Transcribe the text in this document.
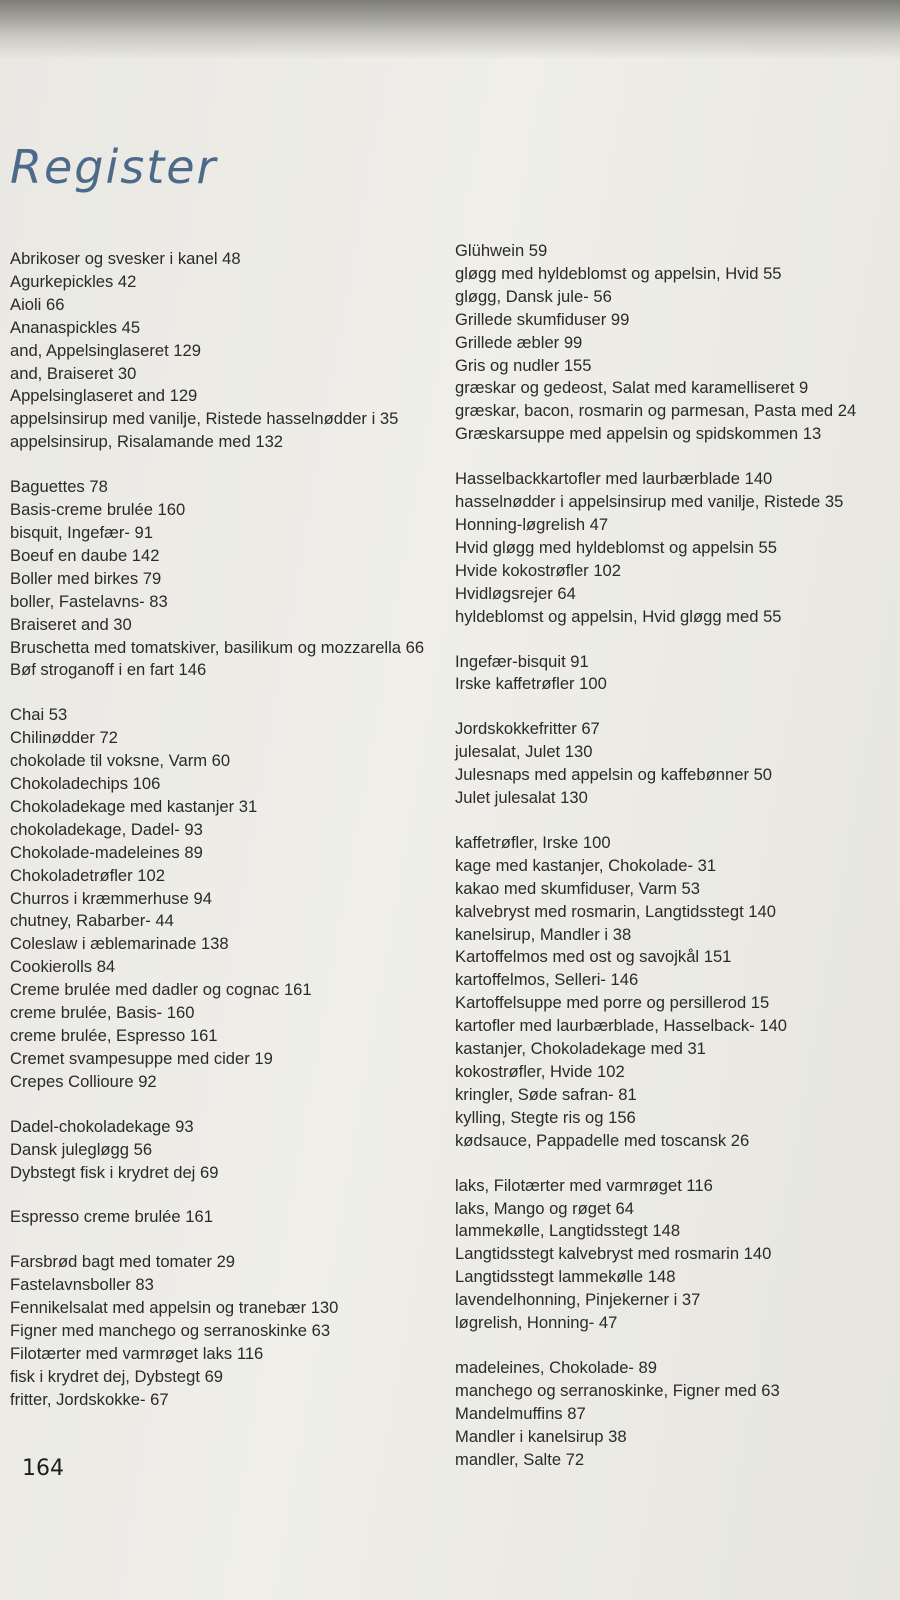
Register
Abrikoser og svesker i kanel 48
Agurkepickles 42
Aioli 66
Ananaspickles 45
and, Appelsinglaseret 129
and, Braiseret 30
Appelsinglaseret and 129
appelsinsirup med vanilje, Ristede hasselnødder i 35
appelsinsirup, Risalamande med 132
Baguettes 78
Basis-creme brulée 160
bisquit, Ingefær- 91
Boeuf en daube 142
Boller med birkes 79
boller, Fastelavns- 83
Braiseret and 30
Bruschetta med tomatskiver, basilikum og mozzarella 66
Bøf stroganoff i en fart 146
Chai 53
Chilinødder 72
chokolade til voksne, Varm 60
Chokoladechips 106
Chokoladekage med kastanjer 31
chokoladekage, Dadel- 93
Chokolade-madeleines 89
Chokoladetrøfler 102
Churros i kræmmerhuse 94
chutney, Rabarber- 44
Coleslaw i æblemarinade 138
Cookierolls 84
Creme brulée med dadler og cognac 161
creme brulée, Basis- 160
creme brulée, Espresso 161
Cremet svampesuppe med cider 19
Crepes Collioure 92
Dadel-chokoladekage 93
Dansk julegløgg 56
Dybstegt fisk i krydret dej 69
Espresso creme brulée 161
Farsbrød bagt med tomater 29
Fastelavnsboller 83
Fennikelsalat med appelsin og tranebær 130
Figner med manchego og serranoskinke 63
Filotærter med varmrøget laks 116
fisk i krydret dej, Dybstegt 69
fritter, Jordskokke- 67
Glühwein 59
gløgg med hyldeblomst og appelsin, Hvid 55
gløgg, Dansk jule- 56
Grillede skumfiduser 99
Grillede æbler 99
Gris og nudler 155
græskar og gedeost, Salat med karamelliseret 9
græskar, bacon, rosmarin og parmesan, Pasta med 24
Græskarsuppe med appelsin og spidskommen 13
Hasselbackkartofler med laurbærblade 140
hasselnødder i appelsinsirup med vanilje, Ristede 35
Honning-løgrelish 47
Hvid gløgg med hyldeblomst og appelsin 55
Hvide kokostrøfler 102
Hvidløgsrejer 64
hyldeblomst og appelsin, Hvid gløgg med 55
Ingefær-bisquit 91
Irske kaffetrøfler 100
Jordskokkefritter 67
julesalat, Julet 130
Julesnaps med appelsin og kaffebønner 50
Julet julesalat 130
kaffetrøfler, Irske 100
kage med kastanjer, Chokolade- 31
kakao med skumfiduser, Varm 53
kalvebryst med rosmarin, Langtidsstegt 140
kanelsirup, Mandler i 38
Kartoffelmos med ost og savojkål 151
kartoffelmos, Selleri- 146
Kartoffelsuppe med porre og persillerod 15
kartofler med laurbærblade, Hasselback- 140
kastanjer, Chokoladekage med 31
kokostrøfler, Hvide 102
kringler, Søde safran- 81
kylling, Stegte ris og 156
kødsauce, Pappadelle med toscansk 26
laks, Filotærter med varmrøget 116
laks, Mango og røget 64
lammekølle, Langtidsstegt 148
Langtidsstegt kalvebryst med rosmarin 140
Langtidsstegt lammekølle 148
lavendelhonning, Pinjekerner i 37
løgrelish, Honning- 47
madeleines, Chokolade- 89
manchego og serranoskinke, Figner med 63
Mandelmuffins 87
Mandler i kanelsirup 38
mandler, Salte 72
164
